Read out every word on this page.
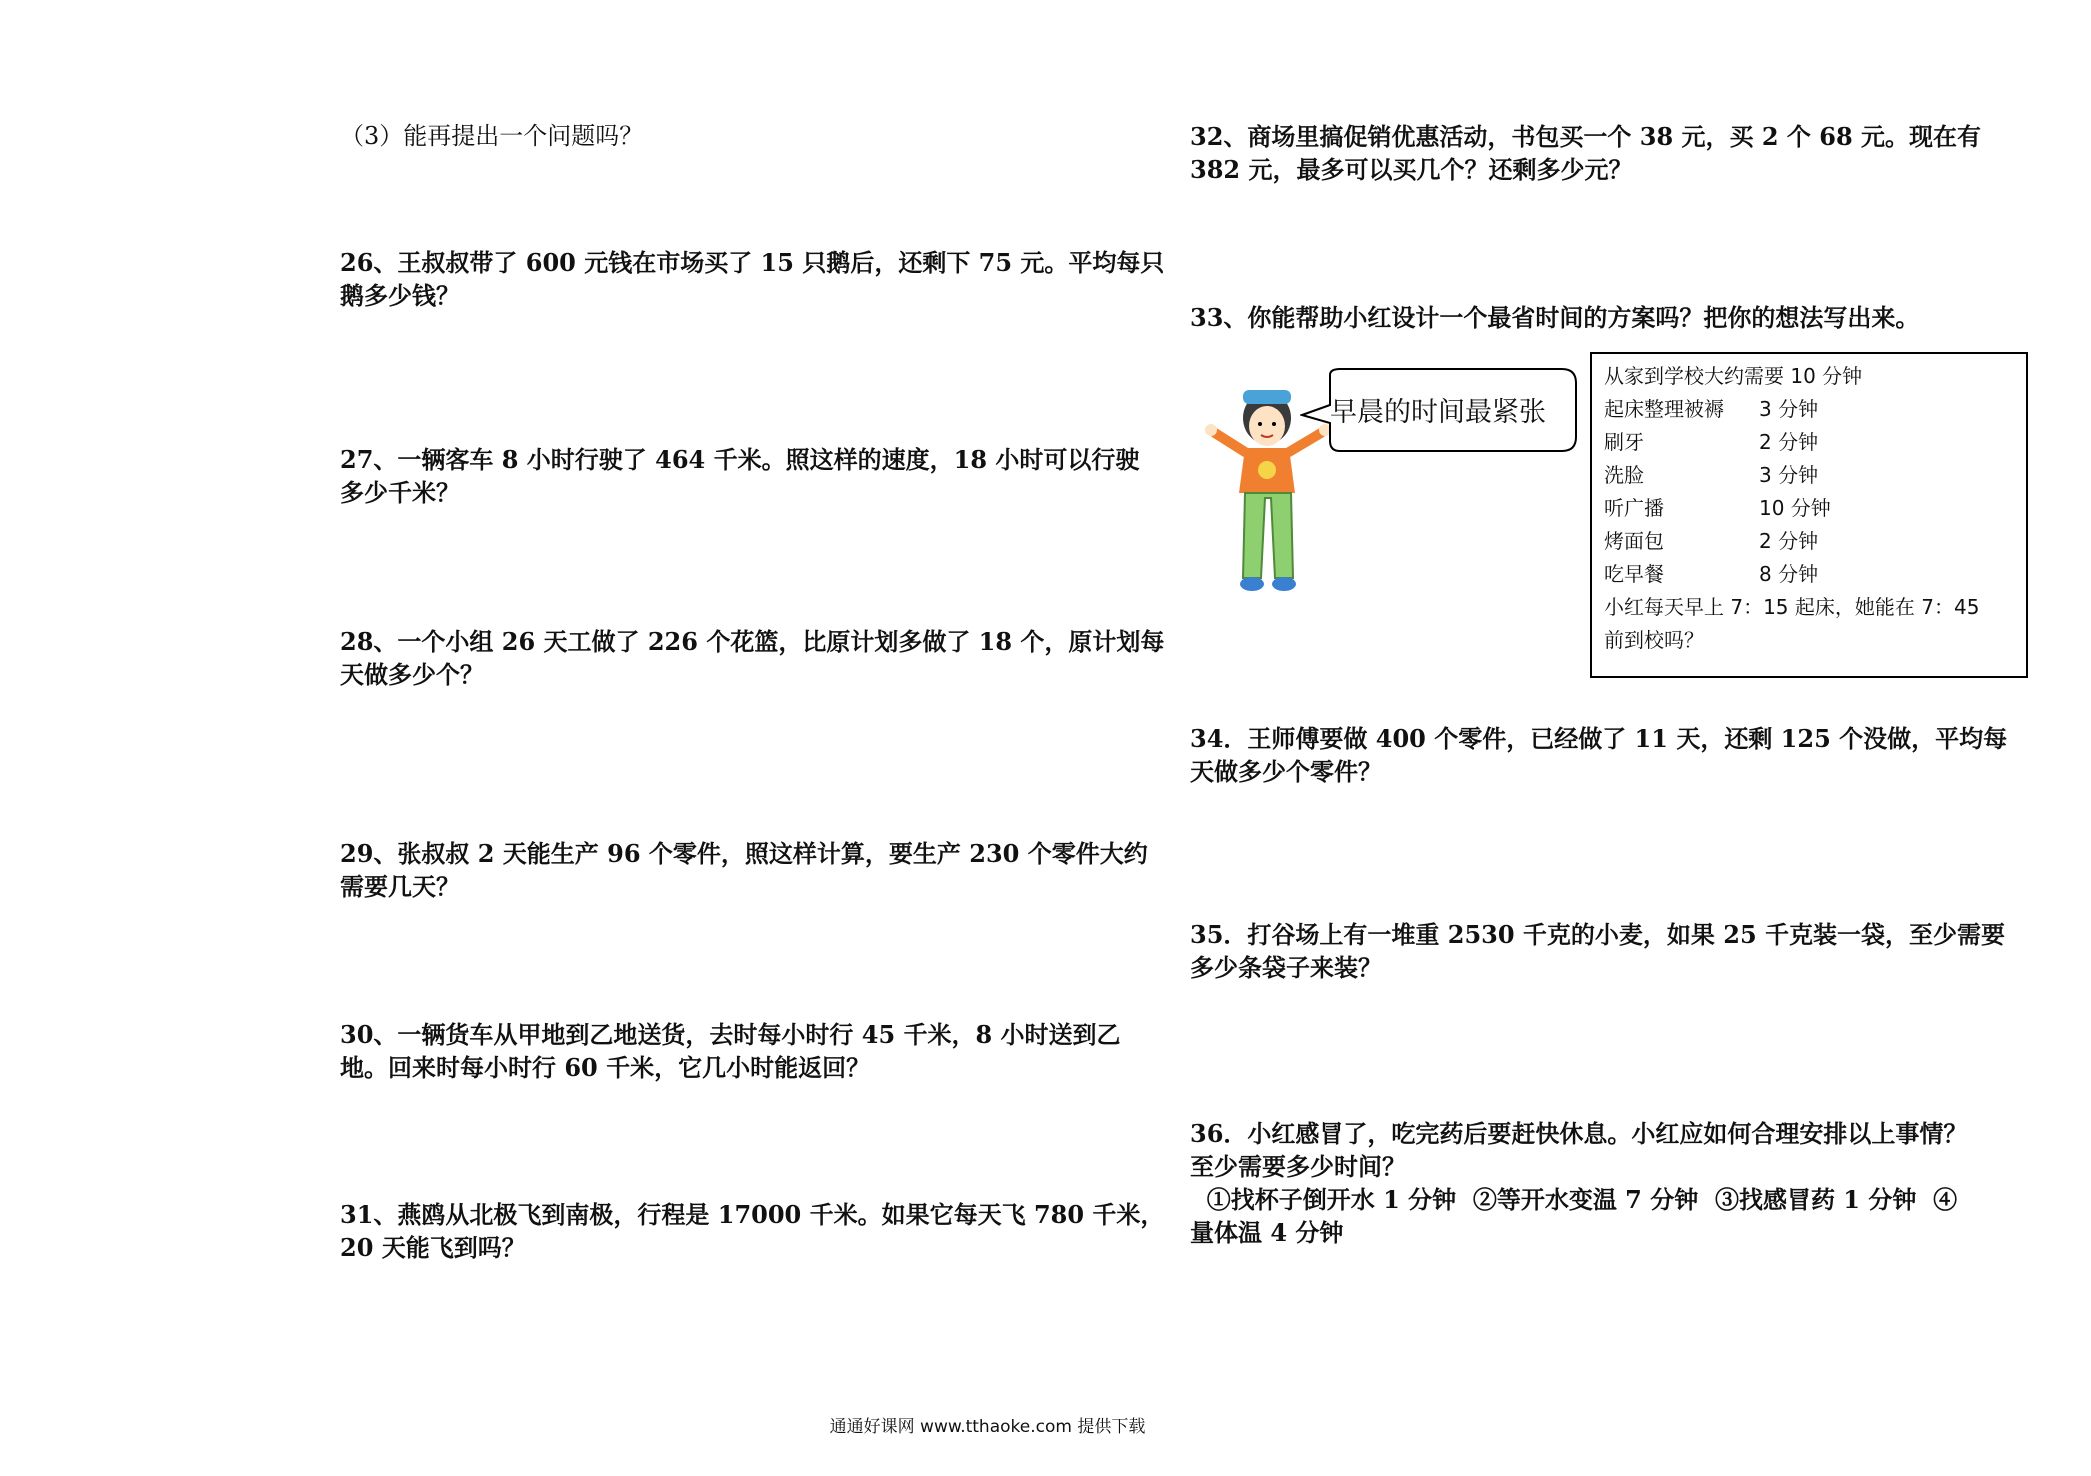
（3）能再提出一个问题吗？
26、王叔叔带了 600 元钱在市场买了 15 只鹅后，还剩下 75 元。平均每只
鹅多少钱？
27、一辆客车 8 小时行驶了 464 千米。照这样的速度，18 小时可以行驶
多少千米？
28、一个小组 26 天工做了 226 个花篮，比原计划多做了 18 个，原计划每
天做多少个？
29、张叔叔 2 天能生产 96 个零件，照这样计算，要生产 230 个零件大约
需要几天？
30、一辆货车从甲地到乙地送货，去时每小时行 45 千米，8 小时送到乙
地。回来时每小时行 60 千米，它几小时能返回？
31、燕鸥从北极飞到南极，行程是 17000 千米。如果它每天飞 780 千米，
20 天能飞到吗？
32、商场里搞促销优惠活动，书包买一个 38 元，买 2 个 68 元。现在有
382 元，最多可以买几个？还剩多少元？
33、你能帮助小红设计一个最省时间的方案吗？把你的想法写出来。
早晨的时间最紧张
从家到学校大约需要 10 分钟
起床整理被褥	3 分钟
刷牙	2 分钟
洗脸	3 分钟
听广播	10 分钟
烤面包	2 分钟
吃早餐	8 分钟
小红每天早上 7：15 起床，她能在 7：45
前到校吗？
34．王师傅要做 400 个零件，已经做了 11 天，还剩 125 个没做，平均每
天做多少个零件？
35．打谷场上有一堆重 2530 千克的小麦，如果 25 千克装一袋，至少需要
多少条袋子来装？
36．小红感冒了，吃完药后要赶快休息。小红应如何合理安排以上事情？
至少需要多少时间？
①找杯子倒开水 1 分钟  ②等开水变温 7 分钟  ③找感冒药 1 分钟  ④
量体温 4 分钟
通通好课网 www.tthaoke.com 提供下载
